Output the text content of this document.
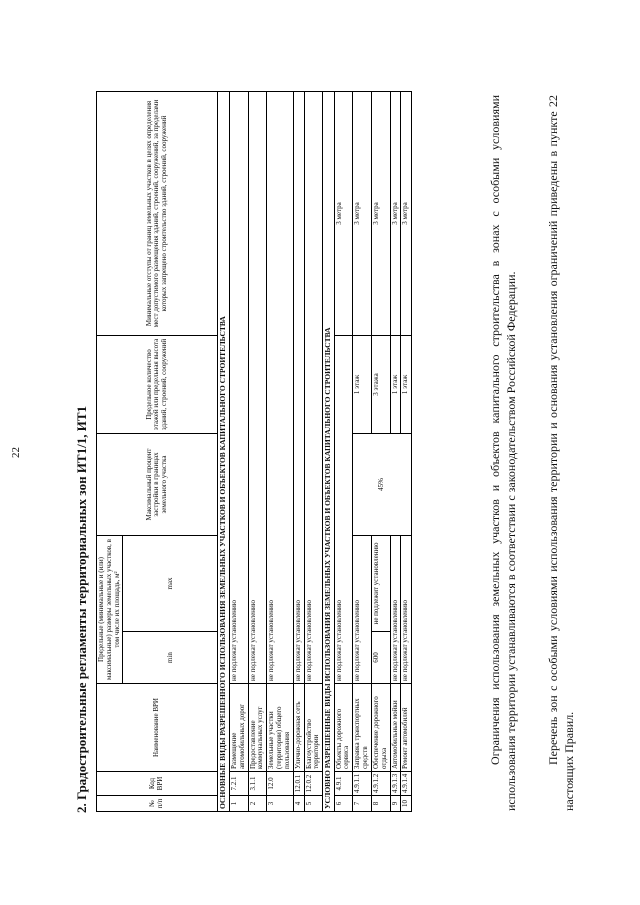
22	2. Градостроительные регламенты территориальных зон ИТ1/1, ИТ1	№ п/п	Код ВРИ	Наименование ВРИ	Предельные (минимальные и (или) максимальные) размеры земельных участков, в том числе их площадь, м²		Максимальный процент застройки в границах земельного участка	Предельное количество этажей или предельная высота зданий, строений, сооружений	Минимальные отступы от границ земельных участков в целях определения мест допустимого размещения зданий, строений, сооружений, за пределами которых запрещено строительство зданий, строений, сооружений
			min	max			
ОСНОВНЫЕ ВИДЫ РАЗРЕШЕННОГО ИСПОЛЬЗОВАНИЯ ЗЕМЕЛЬНЫХ УЧАСТКОВ И ОБЪЕКТОВ КАПИТАЛЬНОГО СТРОИТЕЛЬСТВА							
1	7.2.1	Размещение автомобильных дорог	не подлежат установлению				
2	3.1.1	Предоставление коммунальных услуг	не подлежат установлению				
3	12.0	Земельные участки (территории) общего пользования	не подлежат установлению				
4	12.0.1	Улично-дорожная сеть	не подлежат установлению				
5	12.0.2	Благоустройство территории	не подлежат установлению				
УСЛОВНО РАЗРЕШЕННЫЕ ВИДЫ ИСПОЛЬЗОВАНИЯ ЗЕМЕЛЬНЫХ УЧАСТКОВ И ОБЪЕКТОВ КАПИТАЛЬНОГО СТРОИТЕЛЬСТВА							
6	4.9.1	Объекты дорожного сервиса	не подлежат установлению				3 метра
7	4.9.1.1	Заправка транспортных средств	не подлежат установлению		45%	1 этаж	3 метра
8	4.9.1.2	Обеспечение дорожного отдыха	600	не подлежит установлению		3 этажа	3 метра
9	4.9.1.3	Автомобильные мойки	не подлежат установлению			1 этаж	3 метра
10	4.9.1.4	Ремонт автомобилей	не подлежат установлению			1 этаж	3 метра	Ограничения использования земельных участков и объектов капитального строительства в зонах с особыми условиями использования территории устанавливаются в соответствии с законодательством Российской Федерации. Перечень зон с особыми условиями использования территории и основания установления ограничений приведены в пункте 22 настоящих Правил.
